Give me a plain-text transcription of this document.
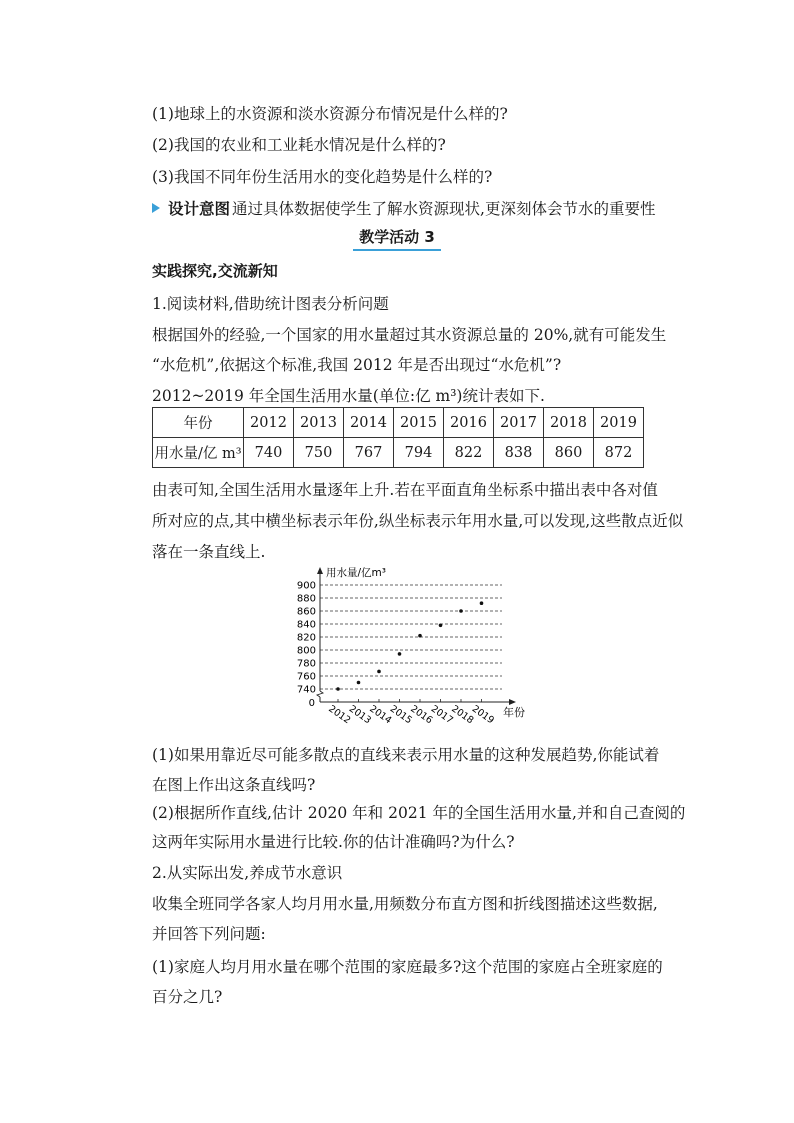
(1)地球上的水资源和淡水资源分布情况是什么样的?
(2)我国的农业和工业耗水情况是什么样的?
(3)我国不同年份生活用水的变化趋势是什么样的?
设计意图 通过具体数据使学生了解水资源现状,更深刻体会节水的重要性
教学活动 3
实践探究,交流新知
1.阅读材料,借助统计图表分析问题
根据国外的经验,一个国家的用水量超过其水资源总量的 20%,就有可能发生
“水危机”,依据这个标准,我国 2012 年是否出现过“水危机”?
2012~2019 年全国生活用水量(单位:亿 m³)统计表如下.
年份	2012	2013	2014	2015	2016	2017	2018	2019
用水量/亿 m³	740	750	767	794	822	838	860	872
由表可知,全国生活用水量逐年上升.若在平面直角坐标系中描出表中各对值
所对应的点,其中横坐标表示年份,纵坐标表示年用水量,可以发现,这些散点近似
落在一条直线上.
0
740
760
780
800
820
840
860
880
900
用水量/亿m³
年份
2012
2013
2014
2015
2016
2017
2018
2019
(1)如果用靠近尽可能多散点的直线来表示用水量的这种发展趋势,你能试着
在图上作出这条直线吗?
(2)根据所作直线,估计 2020 年和 2021 年的全国生活用水量,并和自己查阅的
这两年实际用水量进行比较.你的估计准确吗?为什么?
2.从实际出发,养成节水意识
收集全班同学各家人均月用水量,用频数分布直方图和折线图描述这些数据,
并回答下列问题:
(1)家庭人均月用水量在哪个范围的家庭最多?这个范围的家庭占全班家庭的
百分之几?
